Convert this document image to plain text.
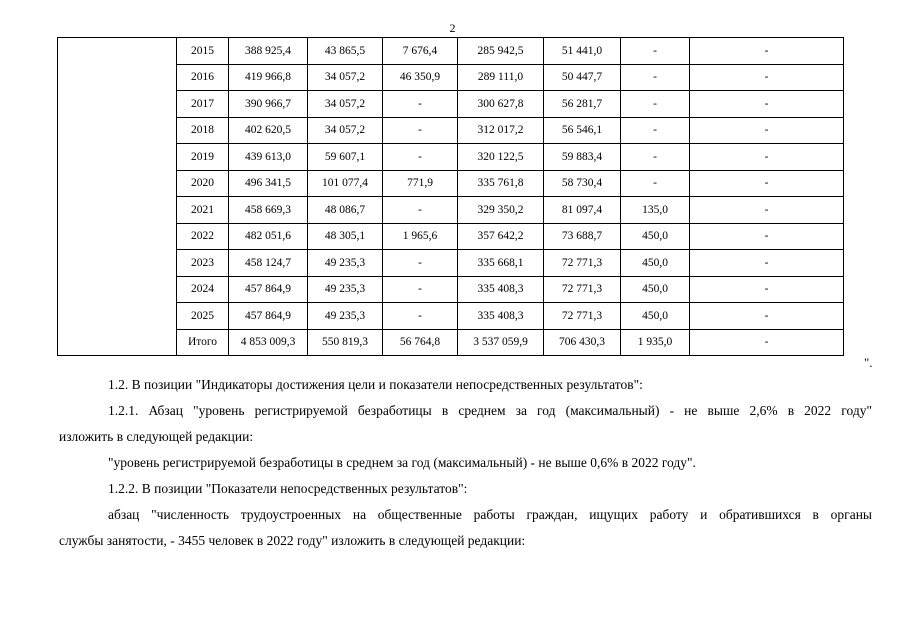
2
	2015	388 925,4	43 865,5	7 676,4	285 942,5	51 441,0	-	-
	2016	419 966,8	34 057,2	46 350,9	289 111,0	50 447,7	-	-
	2017	390 966,7	34 057,2	-	300 627,8	56 281,7	-	-
	2018	402 620,5	34 057,2	-	312 017,2	56 546,1	-	-
	2019	439 613,0	59 607,1	-	320 122,5	59 883,4	-	-
	2020	496 341,5	101 077,4	771,9	335 761,8	58 730,4	-	-
	2021	458 669,3	48 086,7	-	329 350,2	81 097,4	135,0	-
	2022	482 051,6	48 305,1	1 965,6	357 642,2	73 688,7	450,0	-
	2023	458 124,7	49 235,3	-	335 668,1	72 771,3	450,0	-
	2024	457 864,9	49 235,3	-	335 408,3	72 771,3	450,0	-
	2025	457 864,9	49 235,3	-	335 408,3	72 771,3	450,0	-
	Итого	4 853 009,3	550 819,3	56 764,8	3 537 059,9	706 430,3	1 935,0	-
".

1.2. В позиции "Индикаторы достижения цели и показатели непосредственных результатов":

1.2.1. Абзац "уровень регистрируемой безработицы в среднем за год (максимальный) - не выше 2,6% в 2022 году"

изложить в следующей редакции:

"уровень регистрируемой безработицы в среднем за год (максимальный) - не выше 0,6% в 2022 году".

1.2.2. В позиции "Показатели непосредственных результатов":

абзац "численность трудоустроенных на общественные работы граждан, ищущих работу и обратившихся в органы

службы занятости, - 3455 человек в 2022 году" изложить в следующей редакции:
